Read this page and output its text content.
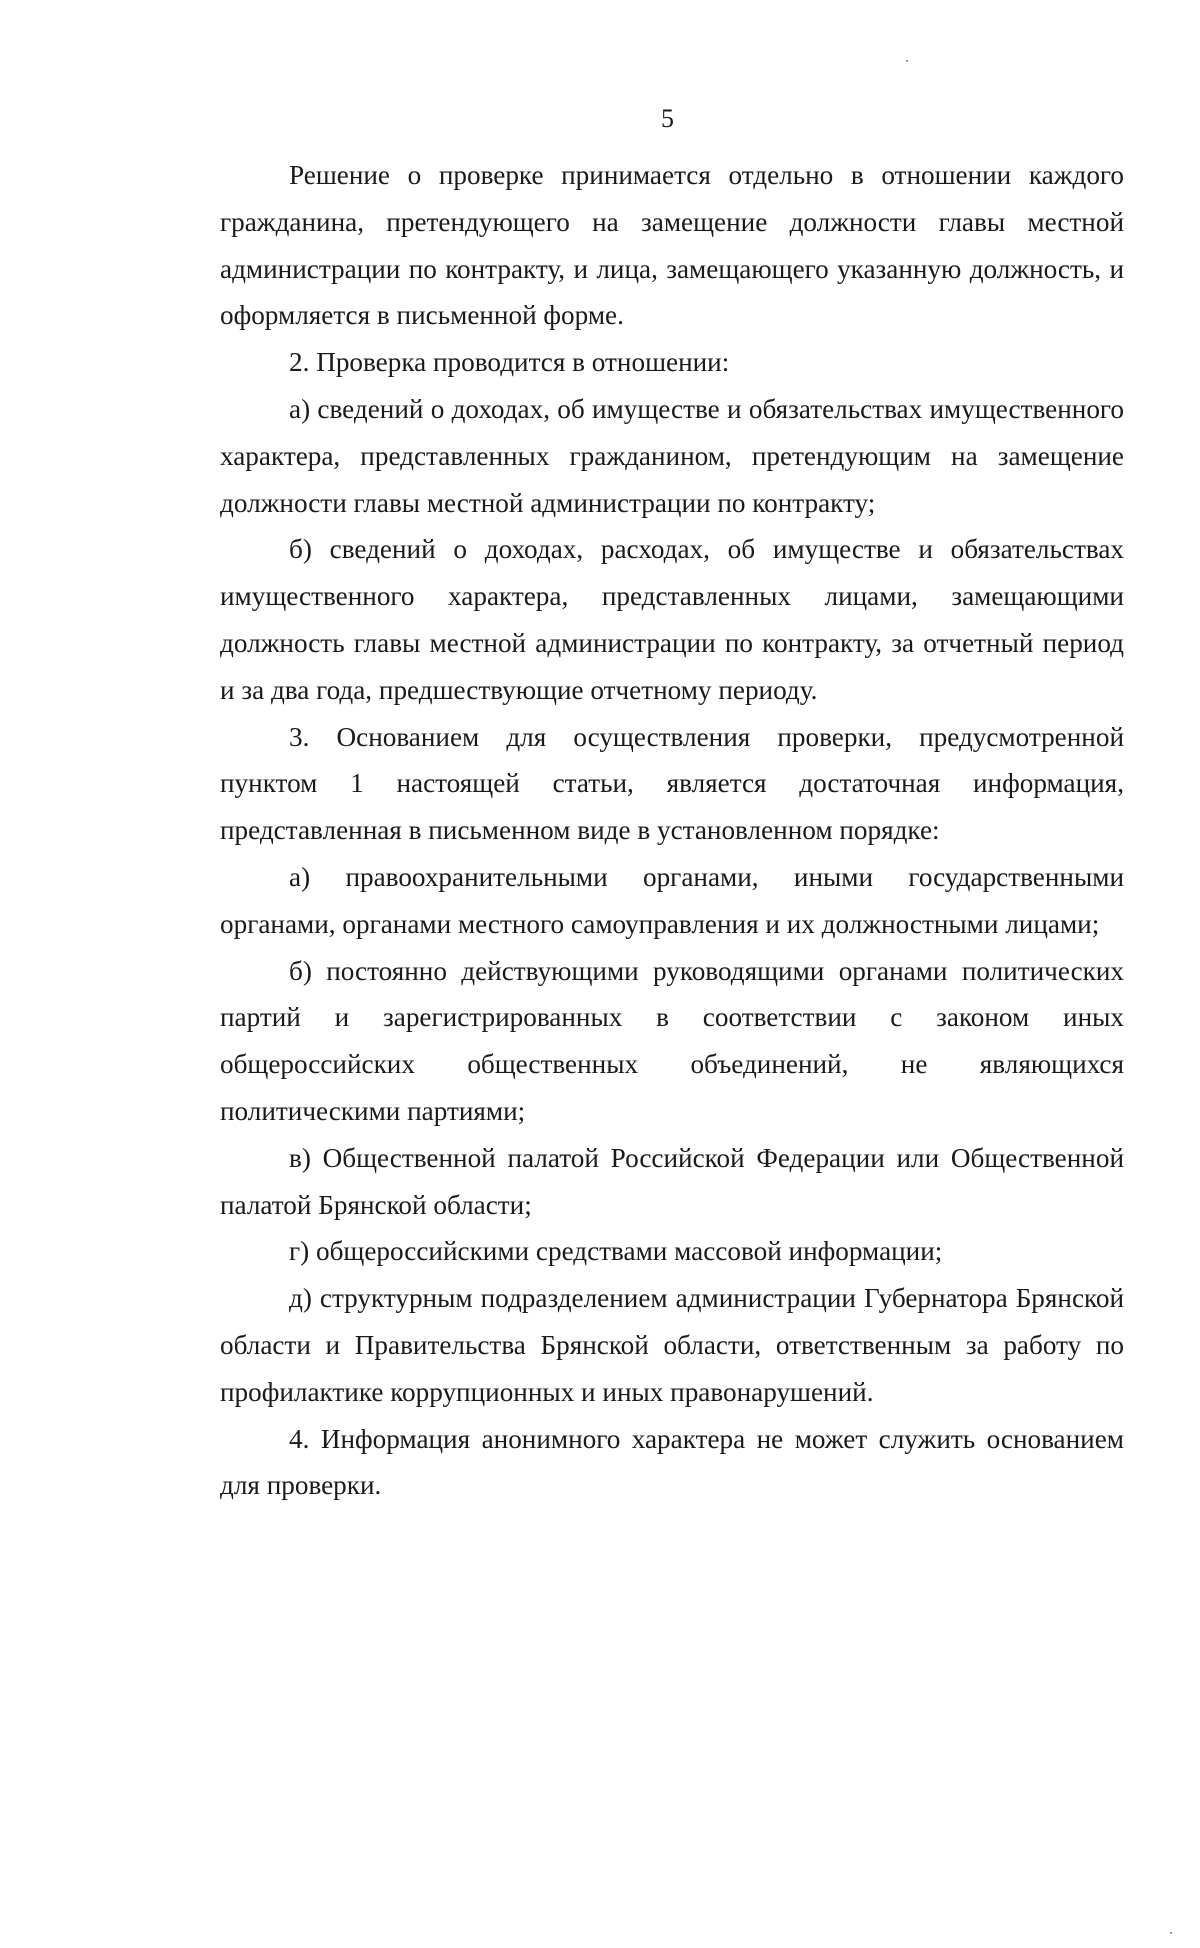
5

Решение о проверке принимается отдельно в отношении каждого гражданина, претендующего на замещение должности главы местной администрации по контракту, и лица, замещающего указанную должность, и оформляется в письменной форме.

2. Проверка проводится в отношении:

а) сведений о доходах, об имуществе и обязательствах имущественного характера, представленных гражданином, претендующим на замещение должности главы местной администрации по контракту;

б) сведений о доходах, расходах, об имуществе и обязательствах имущественного характера, представленных лицами, замещающими должность главы местной администрации по контракту, за отчетный период и за два года, предшествующие отчетному периоду.

3. Основанием для осуществления проверки, предусмотренной пунктом 1 настоящей статьи, является достаточная информация, представленная в письменном виде в установленном порядке:

а) правоохранительными органами, иными государственными органами, органами местного самоуправления и их должностными лицами;

б) постоянно действующими руководящими органами политических партий и зарегистрированных в соответствии с законом иных общероссийских общественных объединений, не являющихся политическими партиями;

в) Общественной палатой Российской Федерации или Общественной палатой Брянской области;

г) общероссийскими средствами массовой информации;

д) структурным подразделением администрации Губернатора Брянской области и Правительства Брянской области, ответственным за работу по профилактике коррупционных и иных правонарушений.

4. Информация анонимного характера не может служить основанием для проверки.
